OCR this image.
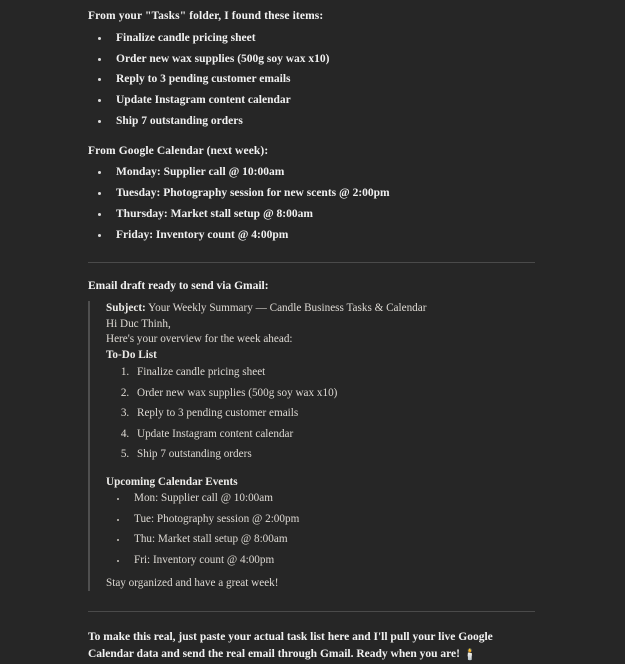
From your "Tasks" folder, I found these items:

• Finalize candle pricing sheet
• Order new wax supplies (500g soy wax x10)
• Reply to 3 pending customer emails
• Update Instagram content calendar
• Ship 7 outstanding orders

From Google Calendar (next week):

• Monday: Supplier call @ 10:00am
• Tuesday: Photography session for new scents @ 2:00pm
• Thursday: Market stall setup @ 8:00am
• Friday: Inventory count @ 4:00pm

Email draft ready to send via Gmail:

Subject: Your Weekly Summary — Candle Business Tasks & Calendar

Hi Duc Thinh,

Here's your overview for the week ahead:

To-Do List

1. Finalize candle pricing sheet
2. Order new wax supplies (500g soy wax x10)
3. Reply to 3 pending customer emails
4. Update Instagram content calendar
5. Ship 7 outstanding orders

Upcoming Calendar Events

• Mon: Supplier call @ 10:00am
• Tue: Photography session @ 2:00pm
• Thu: Market stall setup @ 8:00am
• Fri: Inventory count @ 4:00pm

Stay organized and have a great week!

To make this real, just paste your actual task list here and I'll pull your live Google Calendar data and send the real email through Gmail. Ready when you are! 🕯️
